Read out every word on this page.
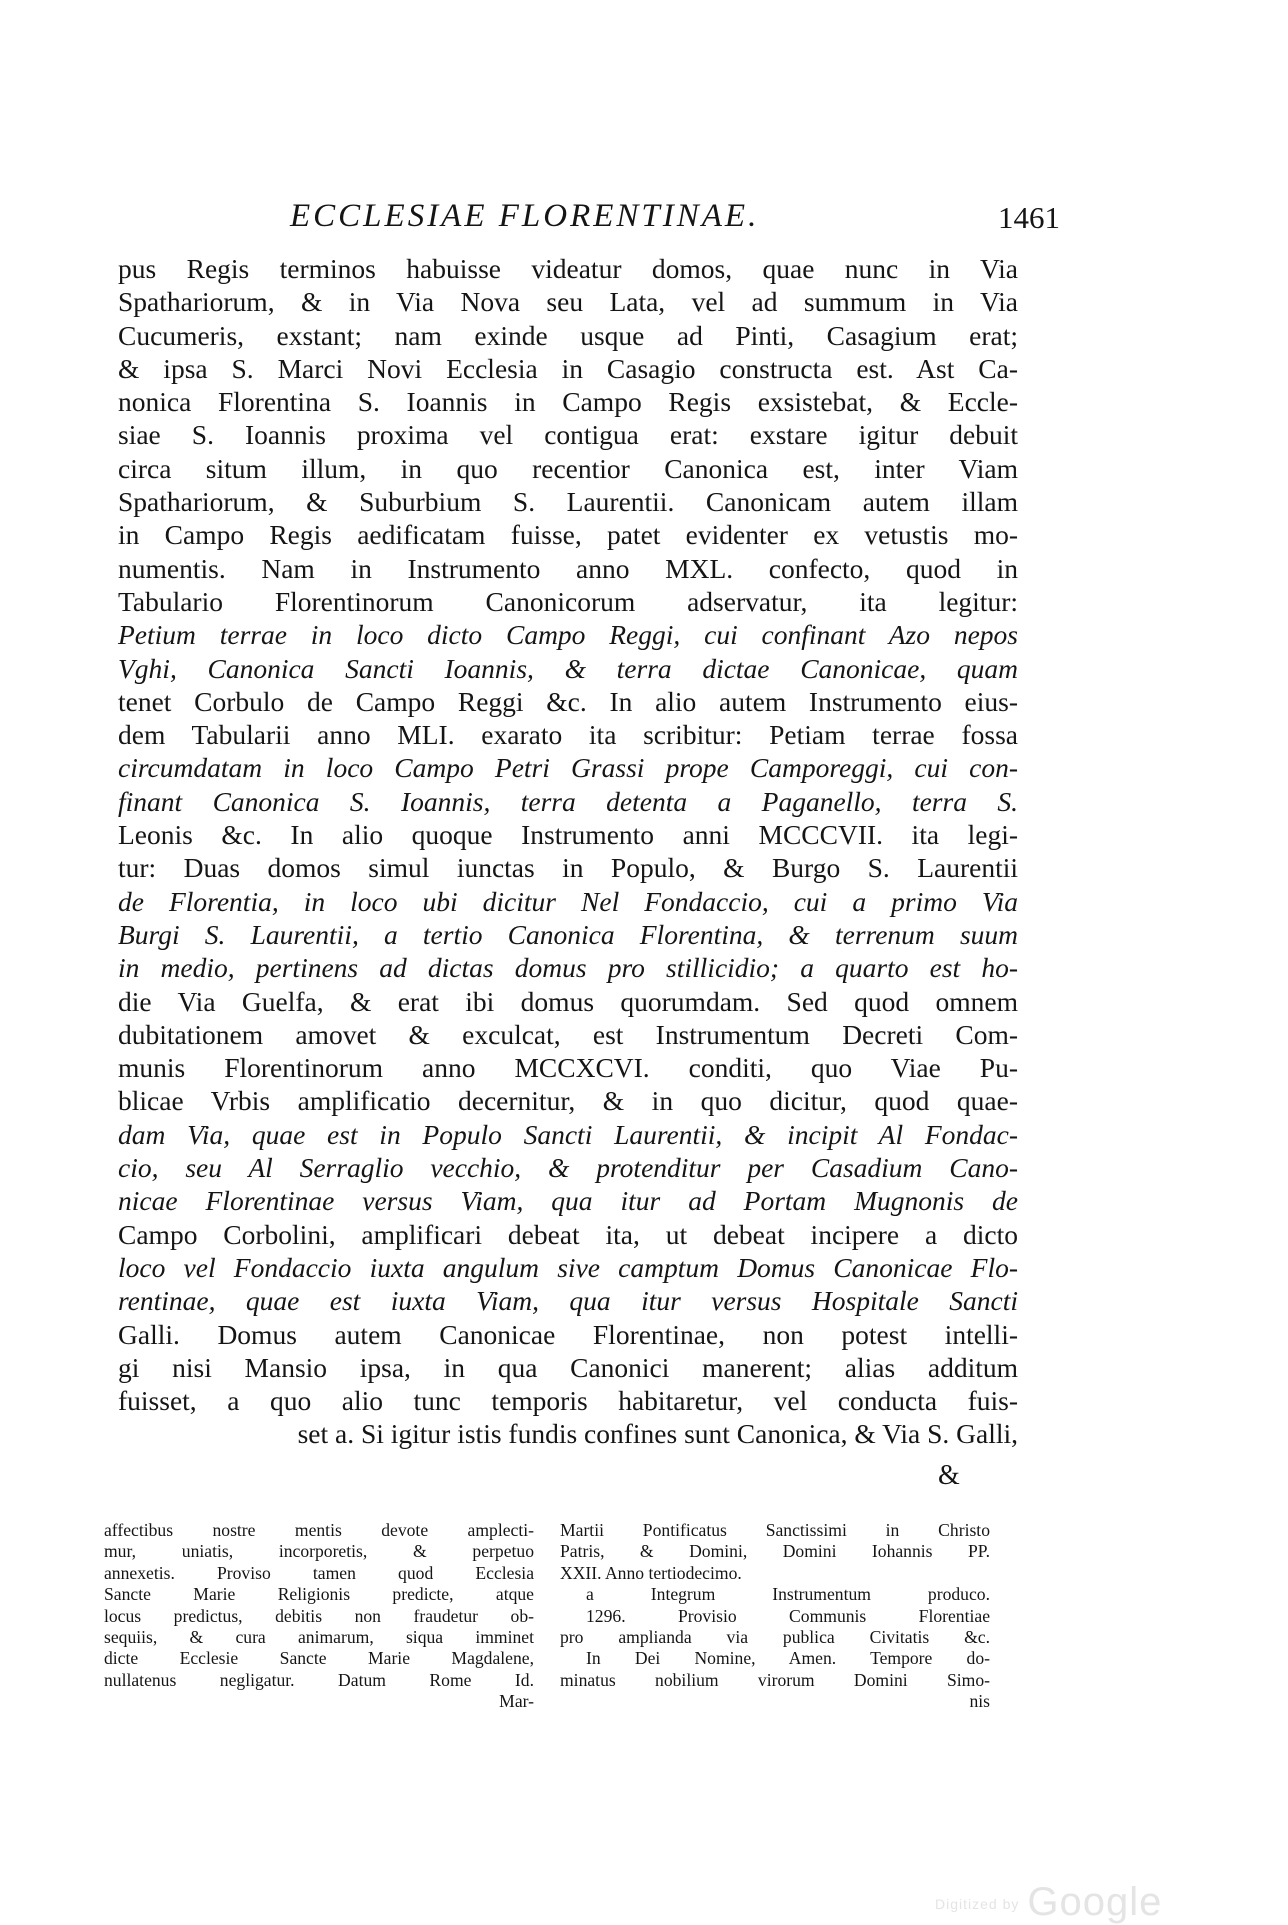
ECCLESIAE FLORENTINAE.	1461
pus Regis terminos habuisse videatur domos, quae nunc in Via
Spathariorum, & in Via Nova seu Lata, vel ad summum in Via
Cucumeris, exstant; nam exinde usque ad Pinti, Casagium erat;
& ipsa S. Marci Novi Ecclesia in Casagio constructa est. Ast Ca-
nonica Florentina S. Ioannis in Campo Regis exsistebat, & Eccle-
siae S. Ioannis proxima vel contigua erat: exstare igitur debuit
circa situm illum, in quo recentior Canonica est, inter Viam
Spathariorum, & Suburbium S. Laurentii. Canonicam autem illam
in Campo Regis aedificatam fuisse, patet evidenter ex vetustis mo-
numentis. Nam in Instrumento anno MXL. confecto, quod in
Tabulario Florentinorum Canonicorum adservatur, ita legitur:
Petium terrae in loco dicto Campo Reggi, cui confinant Azo nepos
Vghi, Canonica Sancti Ioannis, & terra dictae Canonicae, quam
tenet Corbulo de Campo Reggi &c. In alio autem Instrumento eius-
dem Tabularii anno MLI. exarato ita scribitur: Petiam terrae fossa
circumdatam in loco Campo Petri Grassi prope Camporeggi, cui con-
finant Canonica S. Ioannis, terra detenta a Paganello, terra S.
Leonis &c. In alio quoque Instrumento anni MCCCVII. ita legi-
tur: Duas domos simul iunctas in Populo, & Burgo S. Laurentii
de Florentia, in loco ubi dicitur Nel Fondaccio, cui a primo Via
Burgi S. Laurentii, a tertio Canonica Florentina, & terrenum suum
in medio, pertinens ad dictas domus pro stillicidio; a quarto est ho-
die Via Guelfa, & erat ibi domus quorumdam. Sed quod omnem
dubitationem amovet & exculcat, est Instrumentum Decreti Com-
munis Florentinorum anno MCCXCVI. conditi, quo Viae Pu-
blicae Vrbis amplificatio decernitur, & in quo dicitur, quod quae-
dam Via, quae est in Populo Sancti Laurentii, & incipit Al Fondac-
cio, seu Al Serraglio vecchio, & protenditur per Casadium Cano-
nicae Florentinae versus Viam, qua itur ad Portam Mugnonis de
Campo Corbolini, amplificari debeat ita, ut debeat incipere a dicto
loco vel Fondaccio iuxta angulum sive camptum Domus Canonicae Flo-
rentinae, quae est iuxta Viam, qua itur versus Hospitale Sancti
Galli. Domus autem Canonicae Florentinae, non potest intelli-
gi nisi Mansio ipsa, in qua Canonici manerent; alias additum
fuisset, a quo alio tunc temporis habitaretur, vel conducta fuis-
set a. Si igitur istis fundis confines sunt Canonica, & Via S. Galli,
&
affectibus nostre mentis devote amplecti-
mur, uniatis, incorporetis, & perpetuo
annexetis. Proviso tamen quod Ecclesia
Sancte Marie Religionis predicte, atque
locus predictus, debitis non fraudetur ob-
sequiis, & cura animarum, siqua imminet
dicte Ecclesie Sancte Marie Magdalene,
nullatenus negligatur. Datum Rome Id.
Mar-
Martii Pontificatus Sanctissimi in Christo
Patris, & Domini, Domini Iohannis PP.
XXII. Anno tertiodecimo.
a Integrum Instrumentum produco.
1296. Provisio Communis Florentiae
pro amplianda via publica Civitatis &c.
In Dei Nomine, Amen. Tempore do-
minatus nobilium virorum Domini Simo-
nis
Digitized by Google
